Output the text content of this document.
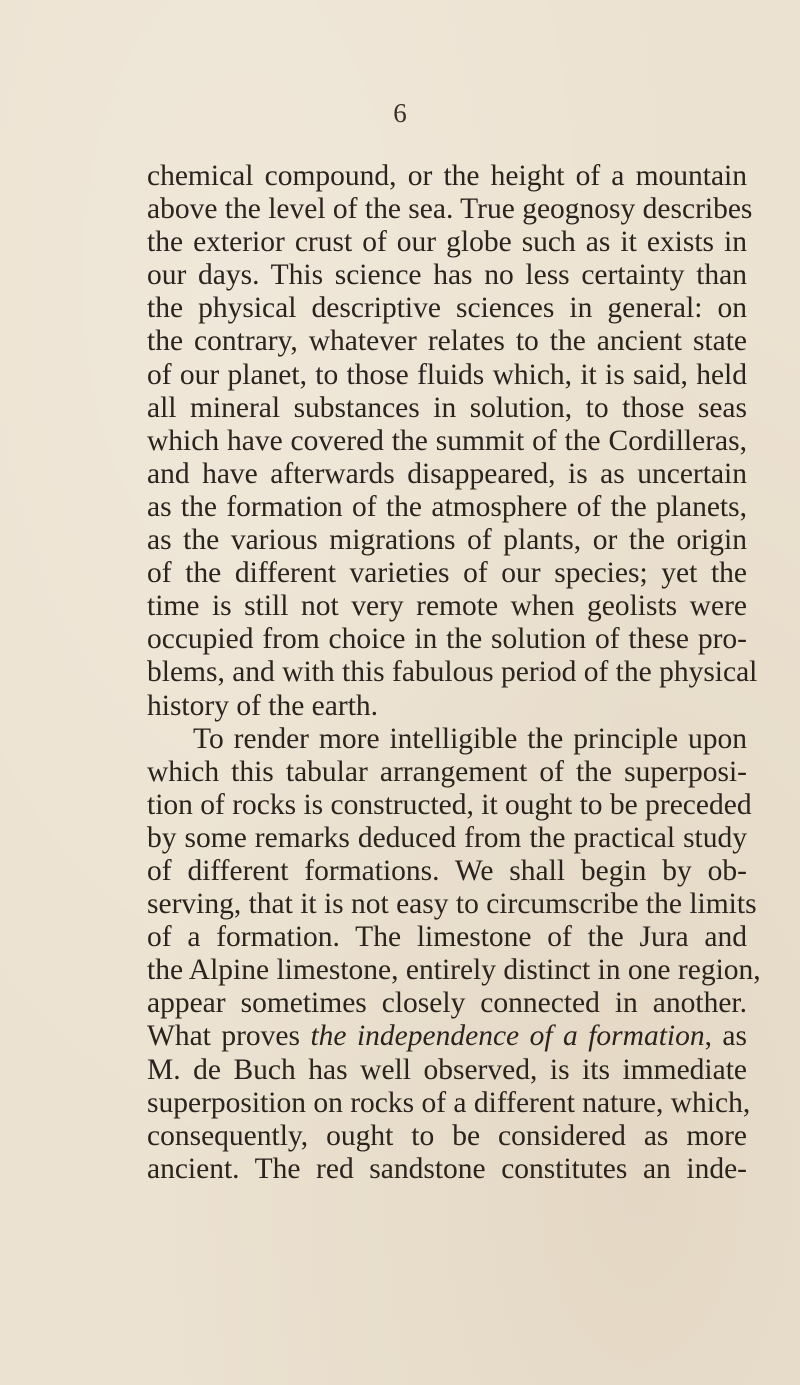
6
chemical compound, or the height of a mountain
above the level of the sea. True geognosy describes
the exterior crust of our globe such as it exists in
our days. This science has no less certainty than
the physical descriptive sciences in general: on
the contrary, whatever relates to the ancient state
of our planet, to those fluids which, it is said, held
all mineral substances in solution, to those seas
which have covered the summit of the Cordilleras,
and have afterwards disappeared, is as uncertain
as the formation of the atmosphere of the planets,
as the various migrations of plants, or the origin
of the different varieties of our species; yet the
time is still not very remote when geolists were
occupied from choice in the solution of these pro-
blems, and with this fabulous period of the physical
history of the earth.
To render more intelligible the principle upon
which this tabular arrangement of the superposi-
tion of rocks is constructed, it ought to be preceded
by some remarks deduced from the practical study
of different formations. We shall begin by ob-
serving, that it is not easy to circumscribe the limits
of a formation. The limestone of the Jura and
the Alpine limestone, entirely distinct in one region,
appear sometimes closely connected in another.
What proves the independence of a formation, as
M. de Buch has well observed, is its immediate
superposition on rocks of a different nature, which,
consequently, ought to be considered as more
ancient. The red sandstone constitutes an inde-
